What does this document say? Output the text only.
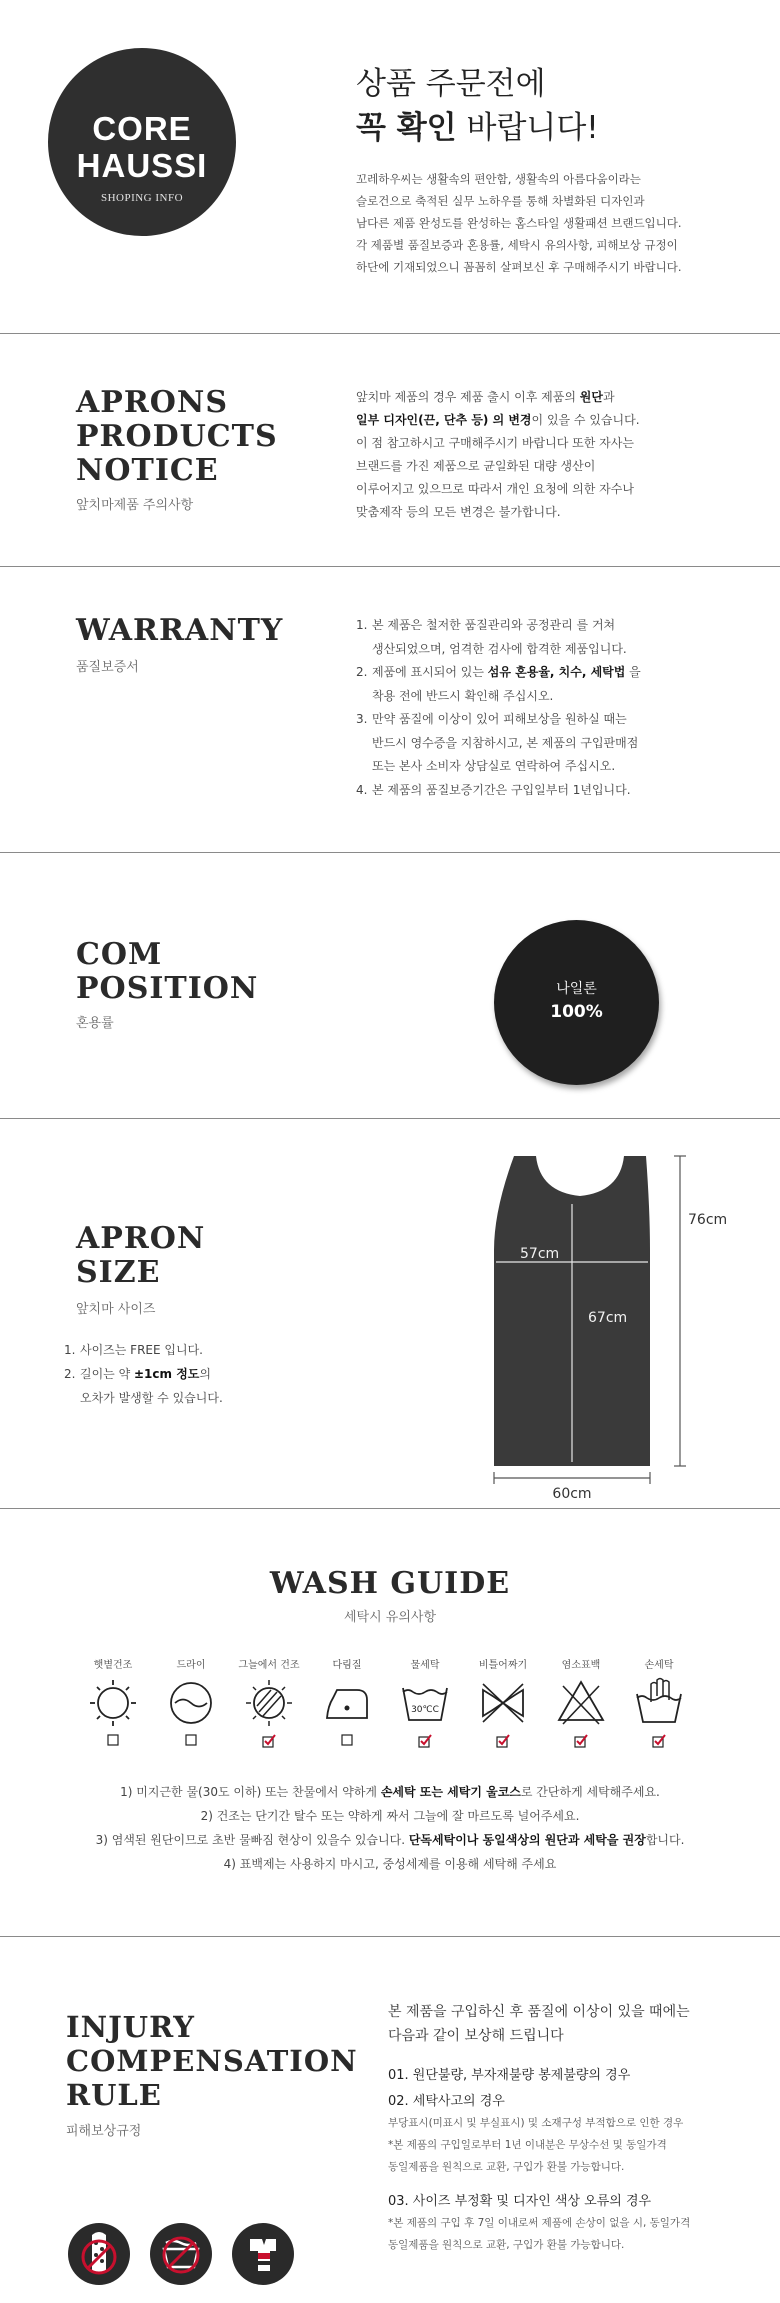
CORE
HAUSSI
SHOPING INFO
상품 주문전에
꼭 확인 바랍니다!
꼬레하우씨는 생활속의 편안함, 생활속의 아름다움이라는
슬로건으로 축적된 실무 노하우를 통해 차별화된 디자인과
남다른 제품 완성도를 완성하는 홈스타일 생활패션 브랜드입니다.
각 제품별 품질보증과 혼용률, 세탁시 유의사항, 피해보상 규정이
하단에 기재되었으니 꼼꼼히 살펴보신 후 구매해주시기 바랍니다.
APRONS
PRODUCTS
NOTICE
앞치마제품 주의사항
앞치마 제품의 경우 제품 출시 이후 제품의 원단과
일부 디자인(끈, 단추 등) 의 변경이 있을 수 있습니다.
이 점 참고하시고 구매해주시기 바랍니다 또한 자사는
브랜드를 가진 제품으로 균일화된 대량 생산이
이루어지고 있으므로 따라서 개인 요청에 의한 자수나
맞춤제작 등의 모든 변경은 불가합니다.
WARRANTY
품질보증서
1. 본 제품은 철저한 품질관리와 공정관리 를 거쳐
생산되었으며, 엄격한 검사에 합격한 제품입니다.
2. 제품에 표시되어 있는 섬유 혼용율, 치수, 세탁법 을
착용 전에 반드시 확인해 주십시오.
3. 만약 품질에 이상이 있어 피해보상을 원하실 때는
반드시 영수증을 지참하시고, 본 제품의 구입판매점
또는 본사 소비자 상담실로 연락하여 주십시오.
4. 본 제품의 품질보증기간은 구입일부터 1년입니다.
COM
POSITION
혼용률
나일론
100%
APRON
SIZE
앞치마 사이즈
1. 사이즈는 FREE 입니다.
2. 길이는 약 ±1cm 정도의
오차가 발생할 수 있습니다.
76cm
57cm
67cm
60cm
WASH GUIDE
세탁시 유의사항
햇볕건조	드라이	그늘에서 건조	다림질	물세탁
30℃C
비틀어짜기	염소표백	손세탁
1) 미지근한 물(30도 이하) 또는 찬물에서 약하게 손세탁 또는 세탁기 울코스로 간단하게 세탁해주세요.
2) 건조는 단기간 탈수 또는 약하게 짜서 그늘에 잘 마르도록 널어주세요.
3) 염색된 원단이므로 초반 물빠짐 현상이 있을수 있습니다. 단독세탁이나 동일색상의 원단과 세탁을 권장합니다.
4) 표백제는 사용하지 마시고, 중성세제를 이용해 세탁해 주세요
INJURY
COMPENSATION
RULE
피해보상규정
본 제품을 구입하신 후 품질에 이상이 있을 때에는
다음과 같이 보상해 드립니다
01. 원단불량, 부자재불량 봉제불량의 경우
02. 세탁사고의 경우
부당표시(미표시 및 부실표시) 및 소재구성 부적합으로 인한 경우
*본 제품의 구입일로부터 1년 이내분은 무상수선 및 동일가격
동일제품을 원칙으로 교환, 구입가 환불 가능합니다.
03. 사이즈 부정확 및 디자인 색상 오류의 경우
*본 제품의 구입 후 7일 이내로써 제품에 손상이 없을 시, 동일가격
동일제품을 원칙으로 교환, 구입가 환불 가능합니다.
